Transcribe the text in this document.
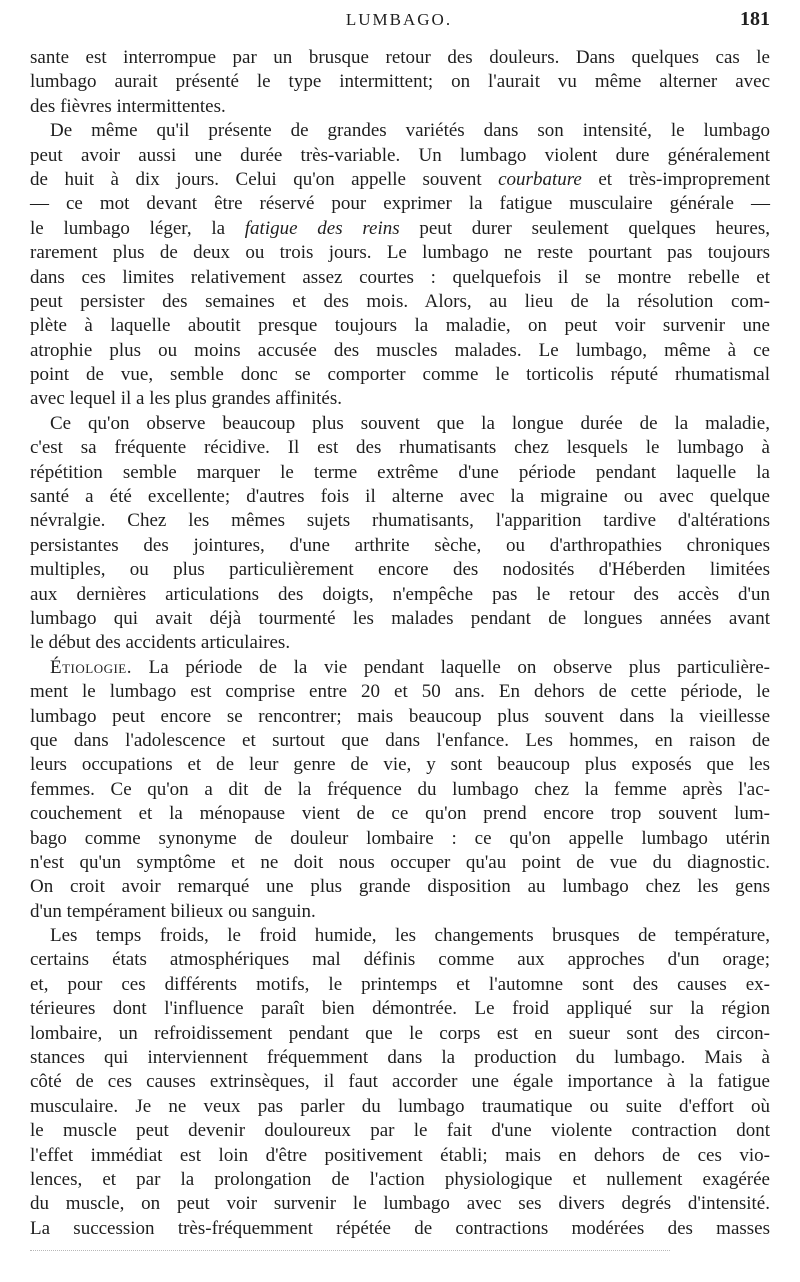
LUMBAGO.	181
sante est interrompue par un brusque retour des douleurs. Dans quelques cas le
lumbago aurait présenté le type intermittent; on l'aurait vu même alterner avec
des fièvres intermittentes.
De même qu'il présente de grandes variétés dans son intensité, le lumbago
peut avoir aussi une durée très-variable. Un lumbago violent dure généralement
de huit à dix jours. Celui qu'on appelle souvent courbature et très-improprement
— ce mot devant être réservé pour exprimer la fatigue musculaire générale —
le lumbago léger, la fatigue des reins peut durer seulement quelques heures,
rarement plus de deux ou trois jours. Le lumbago ne reste pourtant pas toujours
dans ces limites relativement assez courtes : quelquefois il se montre rebelle et
peut persister des semaines et des mois. Alors, au lieu de la résolution com-
plète à laquelle aboutit presque toujours la maladie, on peut voir survenir une
atrophie plus ou moins accusée des muscles malades. Le lumbago, même à ce
point de vue, semble donc se comporter comme le torticolis réputé rhumatismal
avec lequel il a les plus grandes affinités.
Ce qu'on observe beaucoup plus souvent que la longue durée de la maladie,
c'est sa fréquente récidive. Il est des rhumatisants chez lesquels le lumbago à
répétition semble marquer le terme extrême d'une période pendant laquelle la
santé a été excellente; d'autres fois il alterne avec la migraine ou avec quelque
névralgie. Chez les mêmes sujets rhumatisants, l'apparition tardive d'altérations
persistantes des jointures, d'une arthrite sèche, ou d'arthropathies chroniques
multiples, ou plus particulièrement encore des nodosités d'Héberden limitées
aux dernières articulations des doigts, n'empêche pas le retour des accès d'un
lumbago qui avait déjà tourmenté les malades pendant de longues années avant
le début des accidents articulaires.
Étiologie. La période de la vie pendant laquelle on observe plus particulière-
ment le lumbago est comprise entre 20 et 50 ans. En dehors de cette période, le
lumbago peut encore se rencontrer; mais beaucoup plus souvent dans la vieillesse
que dans l'adolescence et surtout que dans l'enfance. Les hommes, en raison de
leurs occupations et de leur genre de vie, y sont beaucoup plus exposés que les
femmes. Ce qu'on a dit de la fréquence du lumbago chez la femme après l'ac-
couchement et la ménopause vient de ce qu'on prend encore trop souvent lum-
bago comme synonyme de douleur lombaire : ce qu'on appelle lumbago utérin
n'est qu'un symptôme et ne doit nous occuper qu'au point de vue du diagnostic.
On croit avoir remarqué une plus grande disposition au lumbago chez les gens
d'un tempérament bilieux ou sanguin.
Les temps froids, le froid humide, les changements brusques de température,
certains états atmosphériques mal définis comme aux approches d'un orage;
et, pour ces différents motifs, le printemps et l'automne sont des causes ex-
térieures dont l'influence paraît bien démontrée. Le froid appliqué sur la région
lombaire, un refroidissement pendant que le corps est en sueur sont des circon-
stances qui interviennent fréquemment dans la production du lumbago. Mais à
côté de ces causes extrinsèques, il faut accorder une égale importance à la fatigue
musculaire. Je ne veux pas parler du lumbago traumatique ou suite d'effort où
le muscle peut devenir douloureux par le fait d'une violente contraction dont
l'effet immédiat est loin d'être positivement établi; mais en dehors de ces vio-
lences, et par la prolongation de l'action physiologique et nullement exagérée
du muscle, on peut voir survenir le lumbago avec ses divers degrés d'intensité.
La succession très-fréquemment répétée de contractions modérées des masses
